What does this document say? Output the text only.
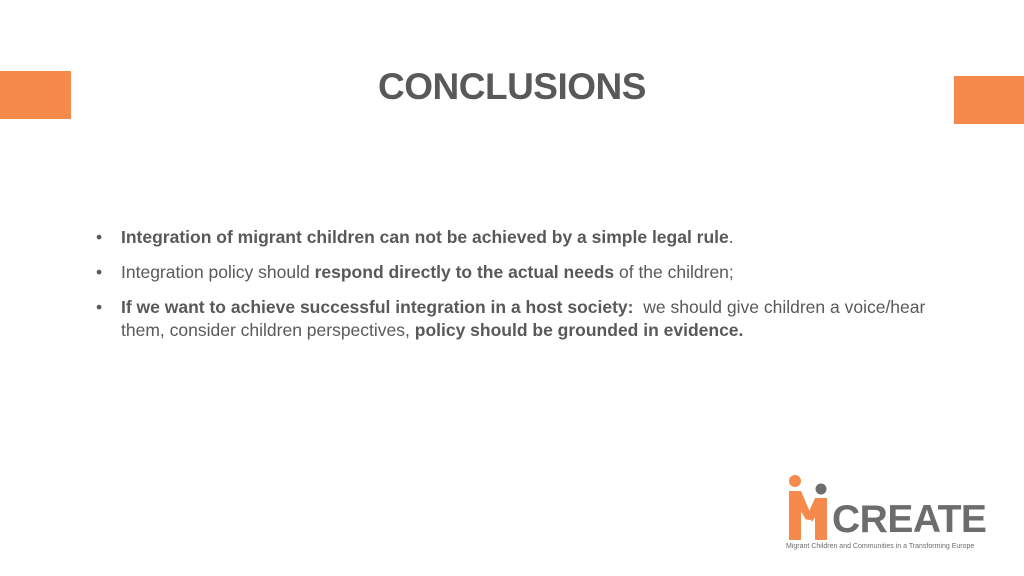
CONCLUSIONS
• Integration of migrant children can not be achieved by a simple legal rule.
• Integration policy should respond directly to the actual needs of the children;
• If we want to achieve successful integration in a host society:  we should give children a voice/hear them, consider children perspectives, policy should be grounded in evidence.
CREATE
Migrant Children and Communities in a Transforming Europe
